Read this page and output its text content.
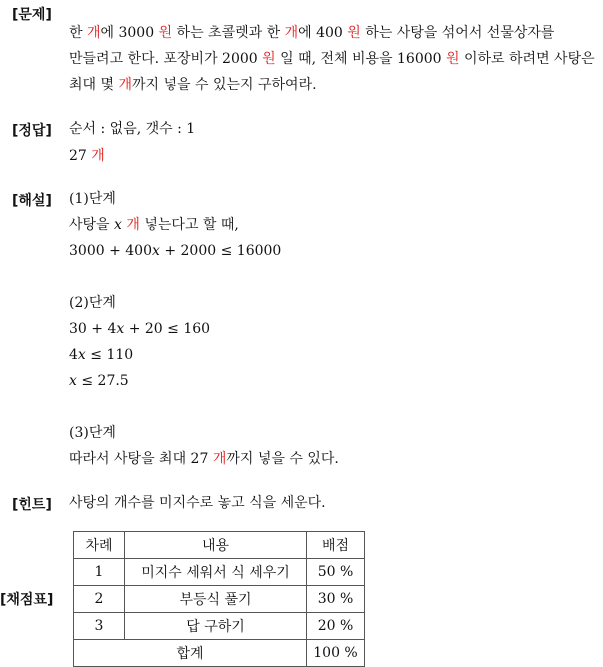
[문제]
한 개에 3000 원 하는 초콜렛과 한 개에 400 원 하는 사탕을 섞어서 선물상자를
만들려고 한다. 포장비가 2000 원 일 때, 전체 비용을 16000 원 이하로 하려면 사탕은
최대 몇 개까지 넣을 수 있는지 구하여라.
[정답] 순서 : 없음, 갯수 : 1
27 개
[해설] (1)단계
사탕을 x 개 넣는다고 할 때,
3000 + 400x + 2000 ≤ 16000
(2)단계
30 + 4x + 20 ≤ 160
4x ≤ 110
x ≤ 27.5
(3)단계
따라서 사탕을 최대 27 개까지 넣을 수 있다.
[힌트] 사탕의 개수를 미지수로 놓고 식을 세운다.
[채점표]
차례	내용	배점
1	미지수 세워서 식 세우기	50 %
2	부등식 풀기	30 %
3	답 구하기	20 %
합계		100 %
